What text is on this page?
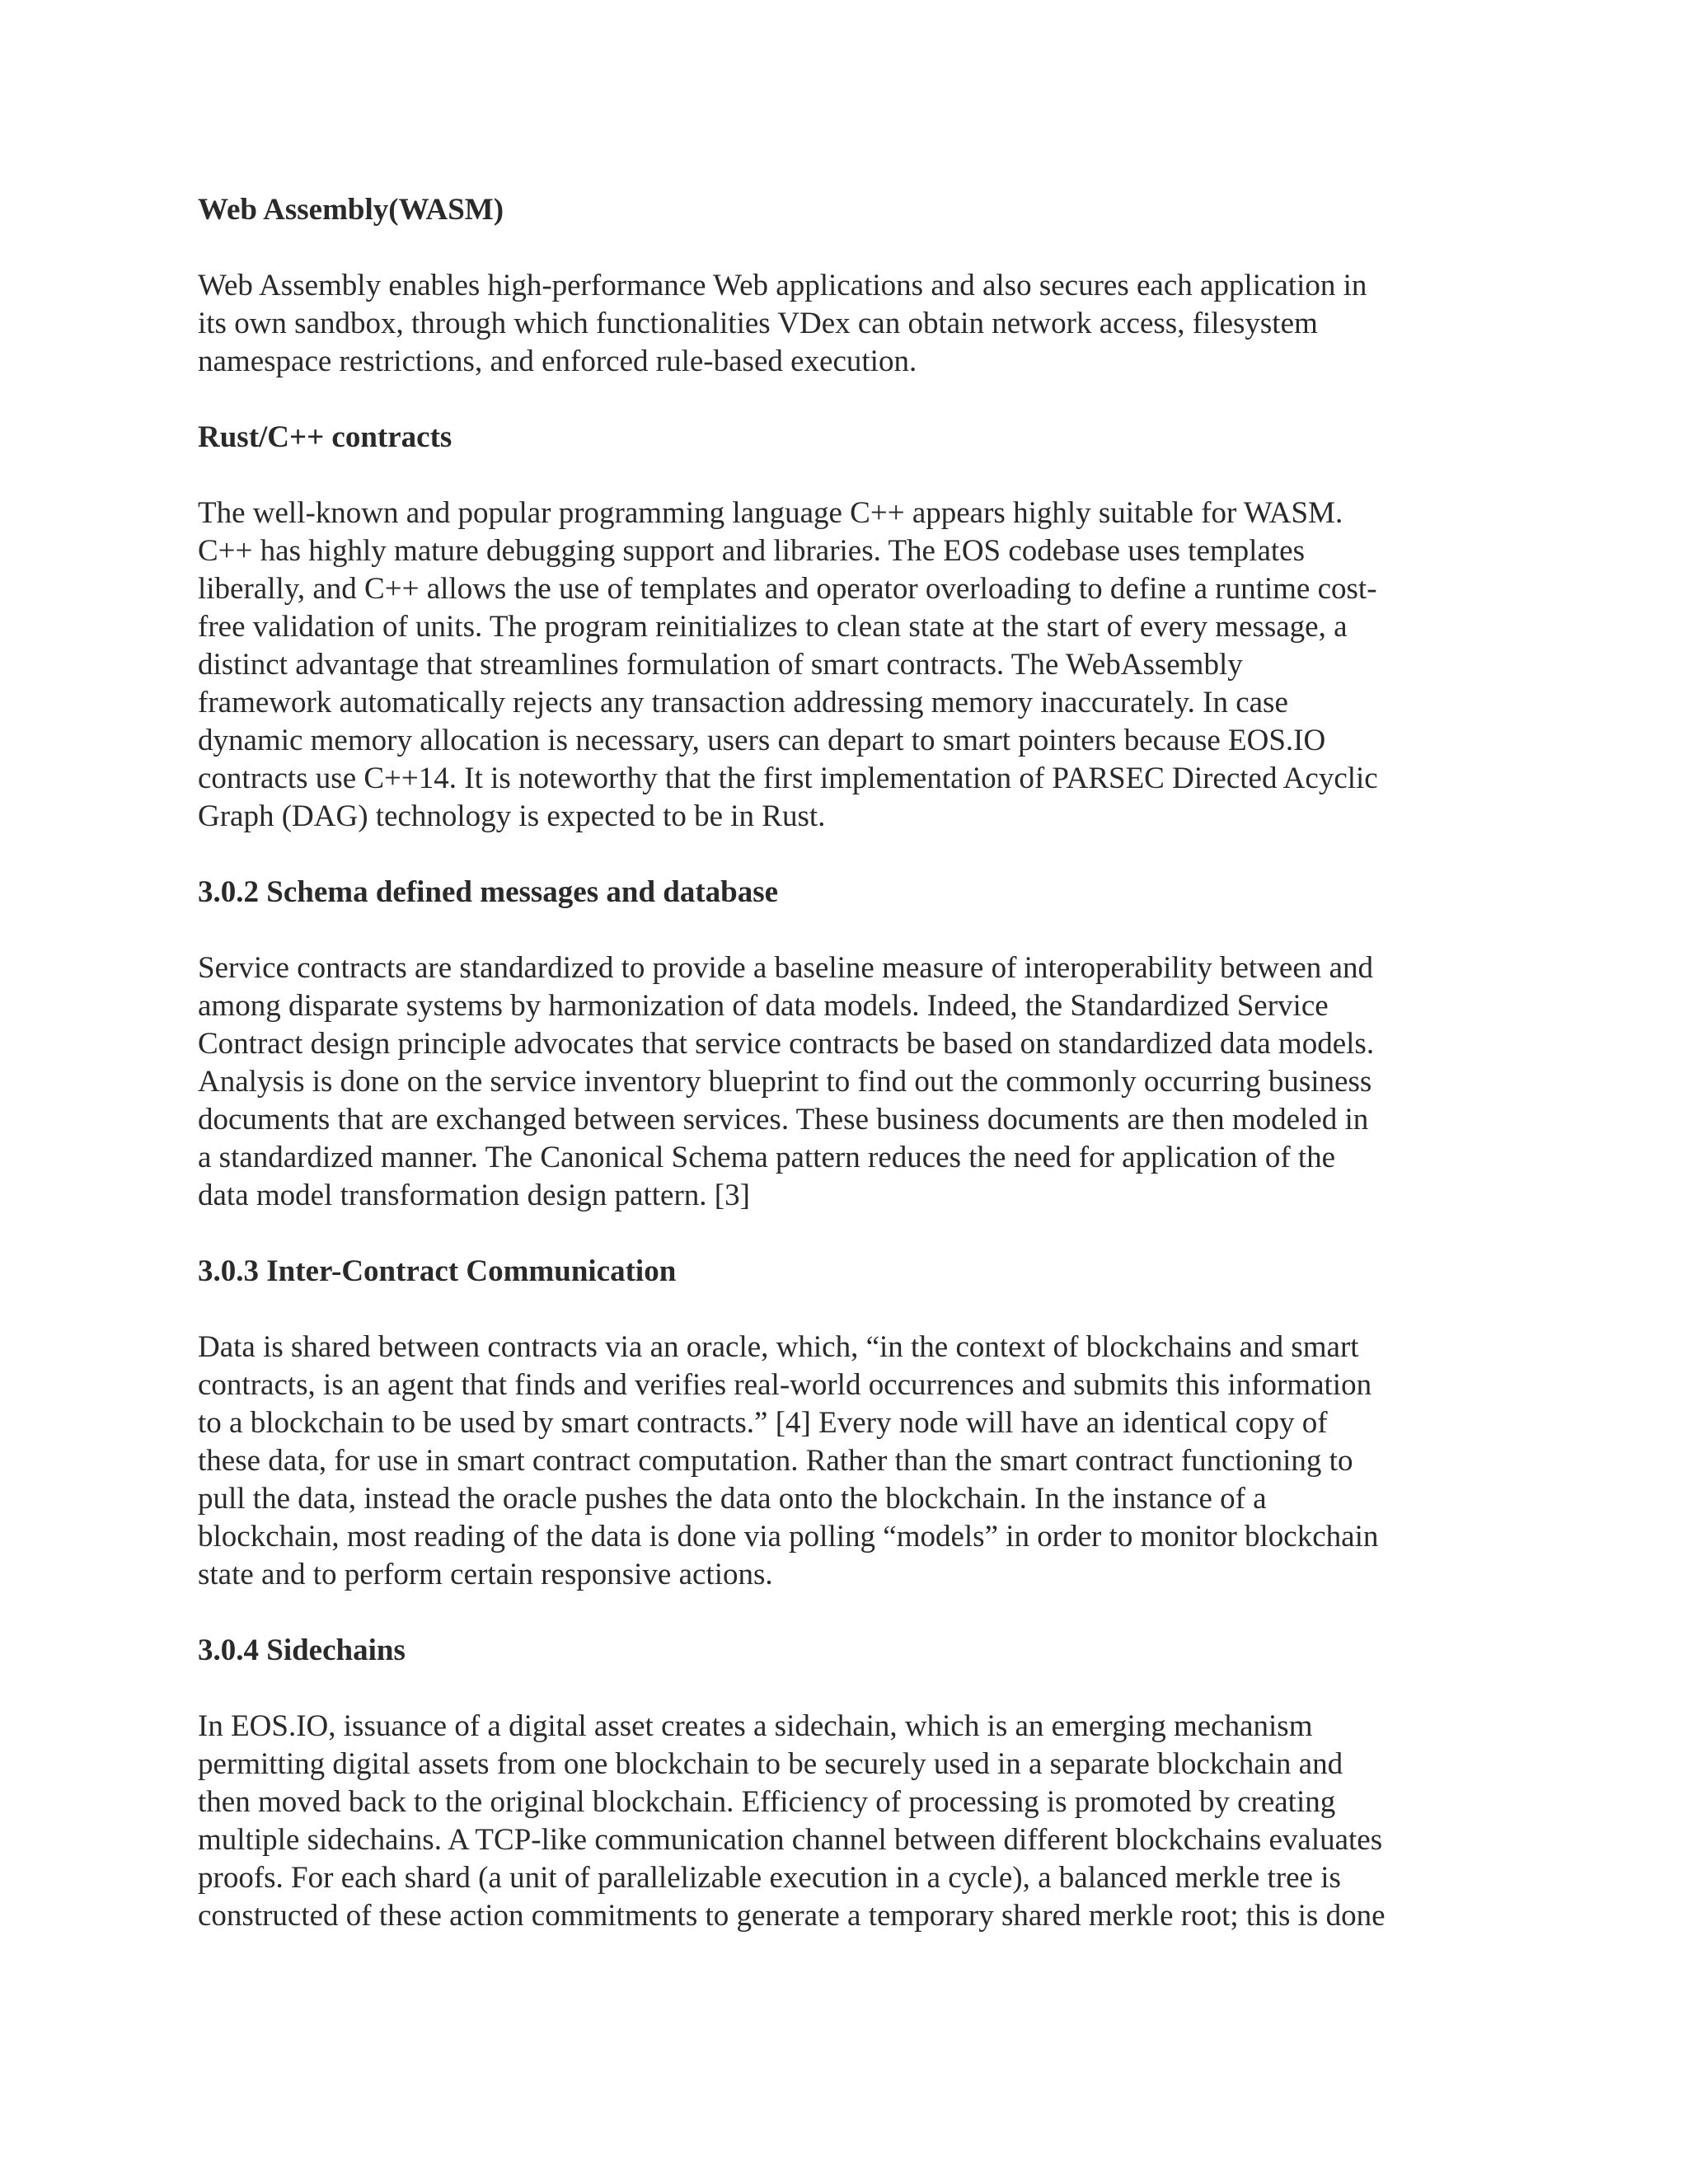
Web Assembly(WASM)

Web Assembly enables high-performance Web applications and also secures each application in
its own sandbox, through which functionalities VDex can obtain network access, filesystem
namespace restrictions, and enforced rule-based execution.

Rust/C++ contracts

The well-known and popular programming language C++ appears highly suitable for WASM.
C++ has highly mature debugging support and libraries. The EOS codebase uses templates
liberally, and C++ allows the use of templates and operator overloading to define a runtime cost-
free validation of units. The program reinitializes to clean state at the start of every message, a
distinct advantage that streamlines formulation of smart contracts. The WebAssembly
framework automatically rejects any transaction addressing memory inaccurately. In case
dynamic memory allocation is necessary, users can depart to smart pointers because EOS.IO
contracts use C++14. It is noteworthy that the first implementation of PARSEC Directed Acyclic
Graph (DAG) technology is expected to be in Rust.

3.0.2 Schema defined messages and database

Service contracts are standardized to provide a baseline measure of interoperability between and
among disparate systems by harmonization of data models. Indeed, the Standardized Service
Contract design principle advocates that service contracts be based on standardized data models.
Analysis is done on the service inventory blueprint to find out the commonly occurring business
documents that are exchanged between services. These business documents are then modeled in
a standardized manner. The Canonical Schema pattern reduces the need for application of the
data model transformation design pattern. [3]

3.0.3 Inter-Contract Communication

Data is shared between contracts via an oracle, which, “in the context of blockchains and smart
contracts, is an agent that finds and verifies real-world occurrences and submits this information
to a blockchain to be used by smart contracts.” [4] Every node will have an identical copy of
these data, for use in smart contract computation. Rather than the smart contract functioning to
pull the data, instead the oracle pushes the data onto the blockchain. In the instance of a
blockchain, most reading of the data is done via polling “models” in order to monitor blockchain
state and to perform certain responsive actions.

3.0.4 Sidechains

In EOS.IO, issuance of a digital asset creates a sidechain, which is an emerging mechanism
permitting digital assets from one blockchain to be securely used in a separate blockchain and
then moved back to the original blockchain. Efficiency of processing is promoted by creating
multiple sidechains. A TCP-like communication channel between different blockchains evaluates
proofs. For each shard (a unit of parallelizable execution in a cycle), a balanced merkle tree is
constructed of these action commitments to generate a temporary shared merkle root; this is done
